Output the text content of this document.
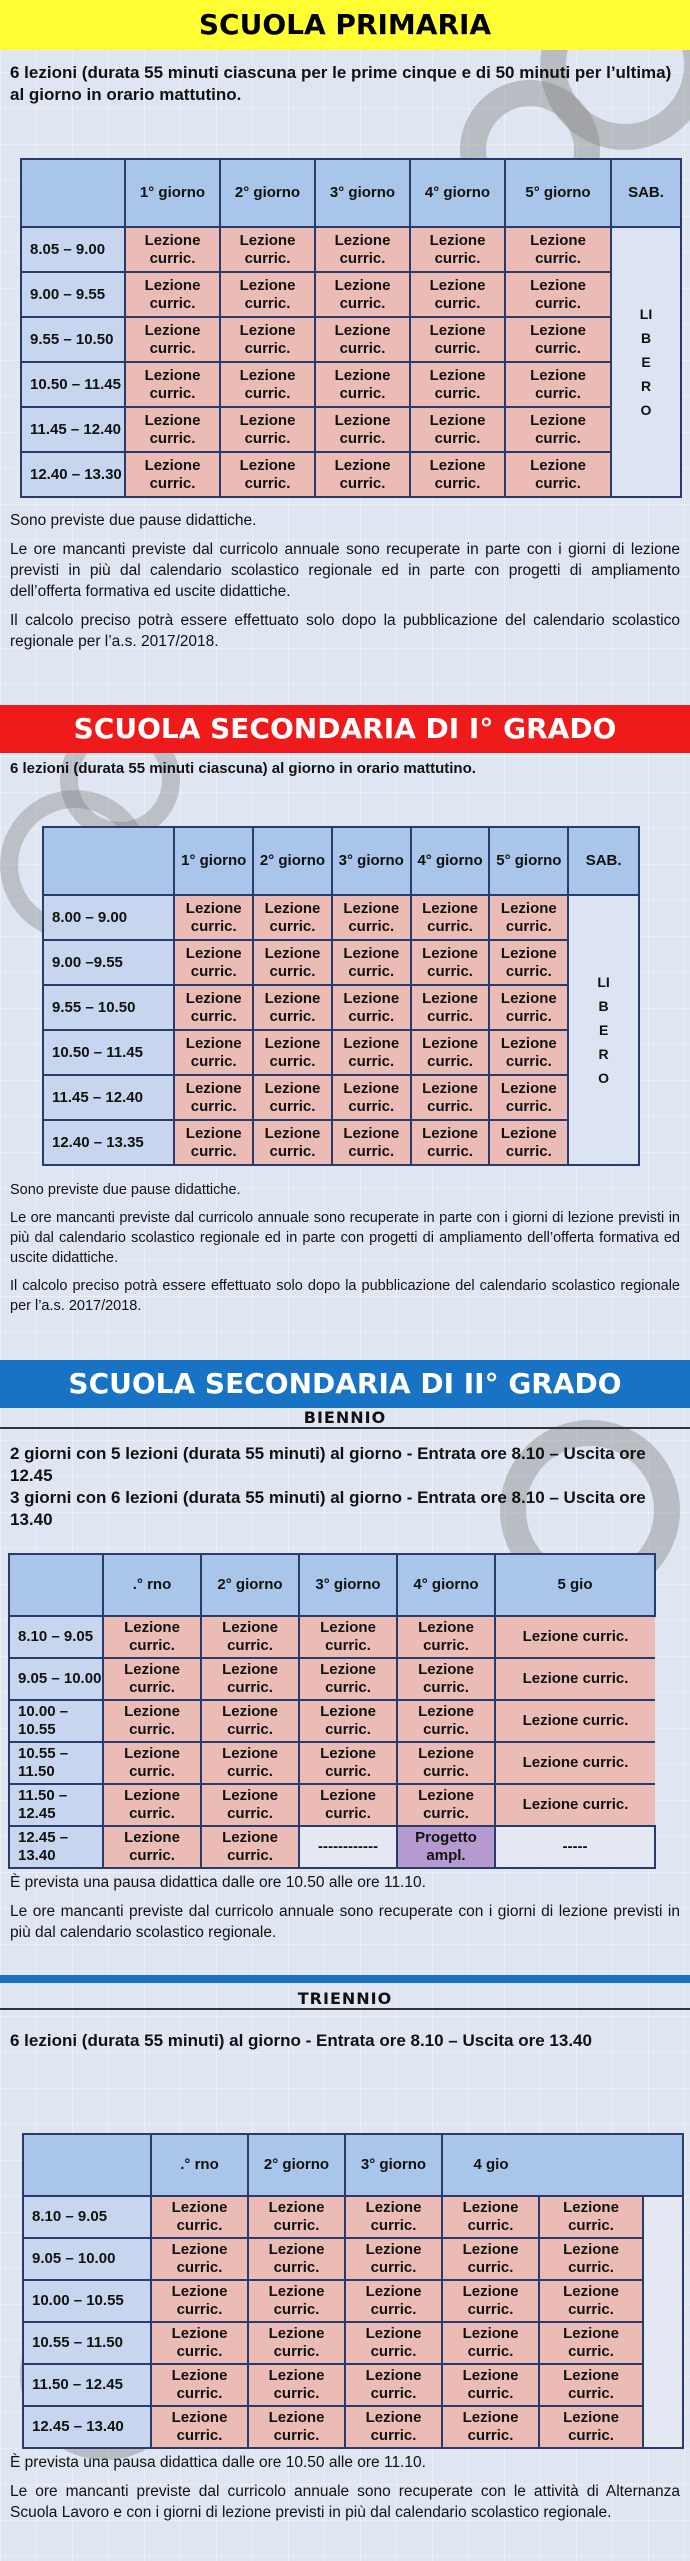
SCUOLA PRIMARIA
6 lezioni (durata 55 minuti ciascuna per le prime cinque e di 50 minuti per l’ultima) al giorno in orario mattutino.
	1° giorno	2° giorno	3° giorno	4° giorno	5° giorno	SAB.
8.05 – 9.00	Lezione curric.	Lezione curric.	Lezione curric.	Lezione curric.	Lezione curric.	LIBERO
9.00 – 9.55	Lezione curric.	Lezione curric.	Lezione curric.	Lezione curric.	Lezione curric.	
9.55 – 10.50	Lezione curric.	Lezione curric.	Lezione curric.	Lezione curric.	Lezione curric.	
10.50 – 11.45	Lezione curric.	Lezione curric.	Lezione curric.	Lezione curric.	Lezione curric.	
11.45 – 12.40	Lezione curric.	Lezione curric.	Lezione curric.	Lezione curric.	Lezione curric.	
12.40 – 13.30	Lezione curric.	Lezione curric.	Lezione curric.	Lezione curric.	Lezione curric.	

Sono previste due pause didattiche.

Le ore mancanti previste dal curricolo annuale sono recuperate in parte con i giorni di lezione previsti in più dal calendario scolastico regionale ed in parte con progetti di ampliamento dell’offerta formativa ed uscite didattiche.

Il calcolo preciso potrà essere effettuato solo dopo la pubblicazione del calendario scolastico regionale per l’a.s. 2017/2018.

SCUOLA SECONDARIA DI I° GRADO
6 lezioni (durata 55 minuti ciascuna) al giorno in orario mattutino.
	1° giorno	2° giorno	3° giorno	4° giorno	5° giorno	SAB.
8.00 – 9.00	Lezione curric.	Lezione curric.	Lezione curric.	Lezione curric.	Lezione curric.	LIBERO
9.00 –9.55	Lezione curric.	Lezione curric.	Lezione curric.	Lezione curric.	Lezione curric.	
9.55 – 10.50	Lezione curric.	Lezione curric.	Lezione curric.	Lezione curric.	Lezione curric.	
10.50 – 11.45	Lezione curric.	Lezione curric.	Lezione curric.	Lezione curric.	Lezione curric.	
11.45 – 12.40	Lezione curric.	Lezione curric.	Lezione curric.	Lezione curric.	Lezione curric.	
12.40 – 13.35	Lezione curric.	Lezione curric.	Lezione curric.	Lezione curric.	Lezione curric.	

Sono previste due pause didattiche.

Le ore mancanti previste dal curricolo annuale sono recuperate in parte con i giorni di lezione previsti in più dal calendario scolastico regionale ed in parte con progetti di ampliamento dell’offerta formativa ed uscite didattiche.

Il calcolo preciso potrà essere effettuato solo dopo la pubblicazione del calendario scolastico regionale per l’a.s. 2017/2018.

SCUOLA SECONDARIA DI II° GRADO
BIENNIO
2 giorni con 5 lezioni (durata 55 minuti) al giorno - Entrata ore 8.10 – Uscita ore 12.45
3 giorni con 6 lezioni (durata 55 minuti) al giorno - Entrata ore 8.10 – Uscita ore 13.40
	.° rno	2° giorno	3° giorno	4° giorno	5 gio
8.10 – 9.05	Lezione curric.	Lezione curric.	Lezione curric.	Lezione curric.	Lezione curric.
9.05 – 10.00	Lezione curric.	Lezione curric.	Lezione curric.	Lezione curric.	Lezione curric.
10.00 – 10.55	Lezione curric.	Lezione curric.	Lezione curric.	Lezione curric.	Lezione curric.
10.55 – 11.50	Lezione curric.	Lezione curric.	Lezione curric.	Lezione curric.	Lezione curric.
11.50 – 12.45	Lezione curric.	Lezione curric.	Lezione curric.	Lezione curric.	Lezione curric.
12.45 – 13.40	Lezione curric.	Lezione curric.	------------	Progetto ampl.	-----

È prevista una pausa didattica dalle ore 10.50 alle ore 11.10.

Le ore mancanti previste dal curricolo annuale sono recuperate con i giorni di lezione previsti in più dal calendario scolastico regionale.

TRIENNIO
6 lezioni (durata 55 minuti) al giorno - Entrata ore 8.10 – Uscita ore 13.40
	.° rno	2° giorno	3° giorno	4 gio		
8.10 – 9.05	Lezione curric.	Lezione curric.	Lezione curric.	Lezione curric.	Lezione curric.	
9.05 – 10.00	Lezione curric.	Lezione curric.	Lezione curric.	Lezione curric.	Lezione curric.	
10.00 – 10.55	Lezione curric.	Lezione curric.	Lezione curric.	Lezione curric.	Lezione curric.	
10.55 – 11.50	Lezione curric.	Lezione curric.	Lezione curric.	Lezione curric.	Lezione curric.	
11.50 – 12.45	Lezione curric.	Lezione curric.	Lezione curric.	Lezione curric.	Lezione curric.	
12.45 – 13.40	Lezione curric.	Lezione curric.	Lezione curric.	Lezione curric.	Lezione curric.	

È prevista una pausa didattica dalle ore 10.50 alle ore 11.10.

Le ore mancanti previste dal curricolo annuale sono recuperate con le attività di Alternanza Scuola Lavoro e con i giorni di lezione previsti in più dal calendario scolastico regionale.
